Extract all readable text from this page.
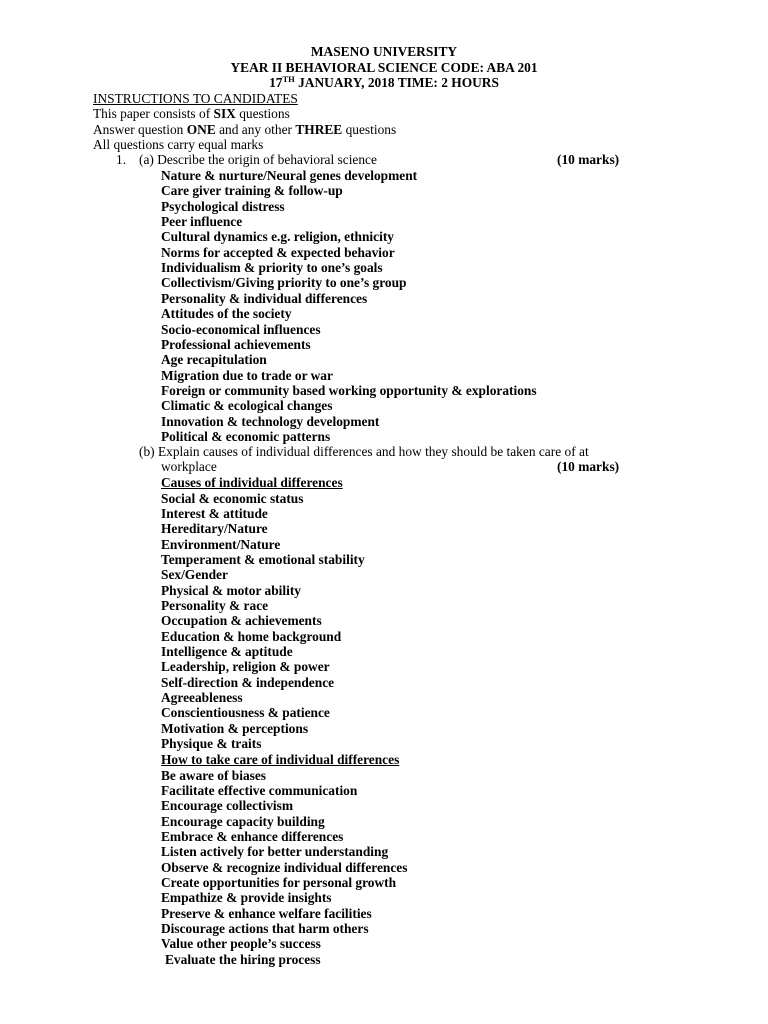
MASENO UNIVERSITY
YEAR II BEHAVIORAL SCIENCE CODE: ABA 201
17TH JANUARY, 2018 TIME: 2 HOURS
INSTRUCTIONS TO CANDIDATES
This paper consists of SIX questions
Answer question ONE and any other THREE questions
All questions carry equal marks
1. (a) Describe the origin of behavioral science	(10 marks)
Nature & nurture/Neural genes development
Care giver training & follow-up
Psychological distress
Peer influence
Cultural dynamics e.g. religion, ethnicity
Norms for accepted & expected behavior
Individualism & priority to one’s goals
Collectivism/Giving priority to one’s group
Personality & individual differences
Attitudes of the society
Socio-economical influences
Professional achievements
Age recapitulation
Migration due to trade or war
Foreign or community based working opportunity & explorations
Climatic & ecological changes
Innovation & technology development
Political & economic patterns
(b) Explain causes of individual differences and how they should be taken care of at
workplace	(10 marks)
Causes of individual differences
Social & economic status
Interest & attitude
Hereditary/Nature
Environment/Nature
Temperament & emotional stability
Sex/Gender
Physical & motor ability
Personality & race
Occupation & achievements
Education & home background
Intelligence & aptitude
Leadership, religion & power
Self-direction & independence
Agreeableness
Conscientiousness & patience
Motivation & perceptions
Physique & traits
How to take care of individual differences
Be aware of biases
Facilitate effective communication
Encourage collectivism
Encourage capacity building
Embrace & enhance differences
Listen actively for better understanding
Observe & recognize individual differences
Create opportunities for personal growth
Empathize & provide insights
Preserve & enhance welfare facilities
Discourage actions that harm others
Value other people’s success
Evaluate the hiring process
